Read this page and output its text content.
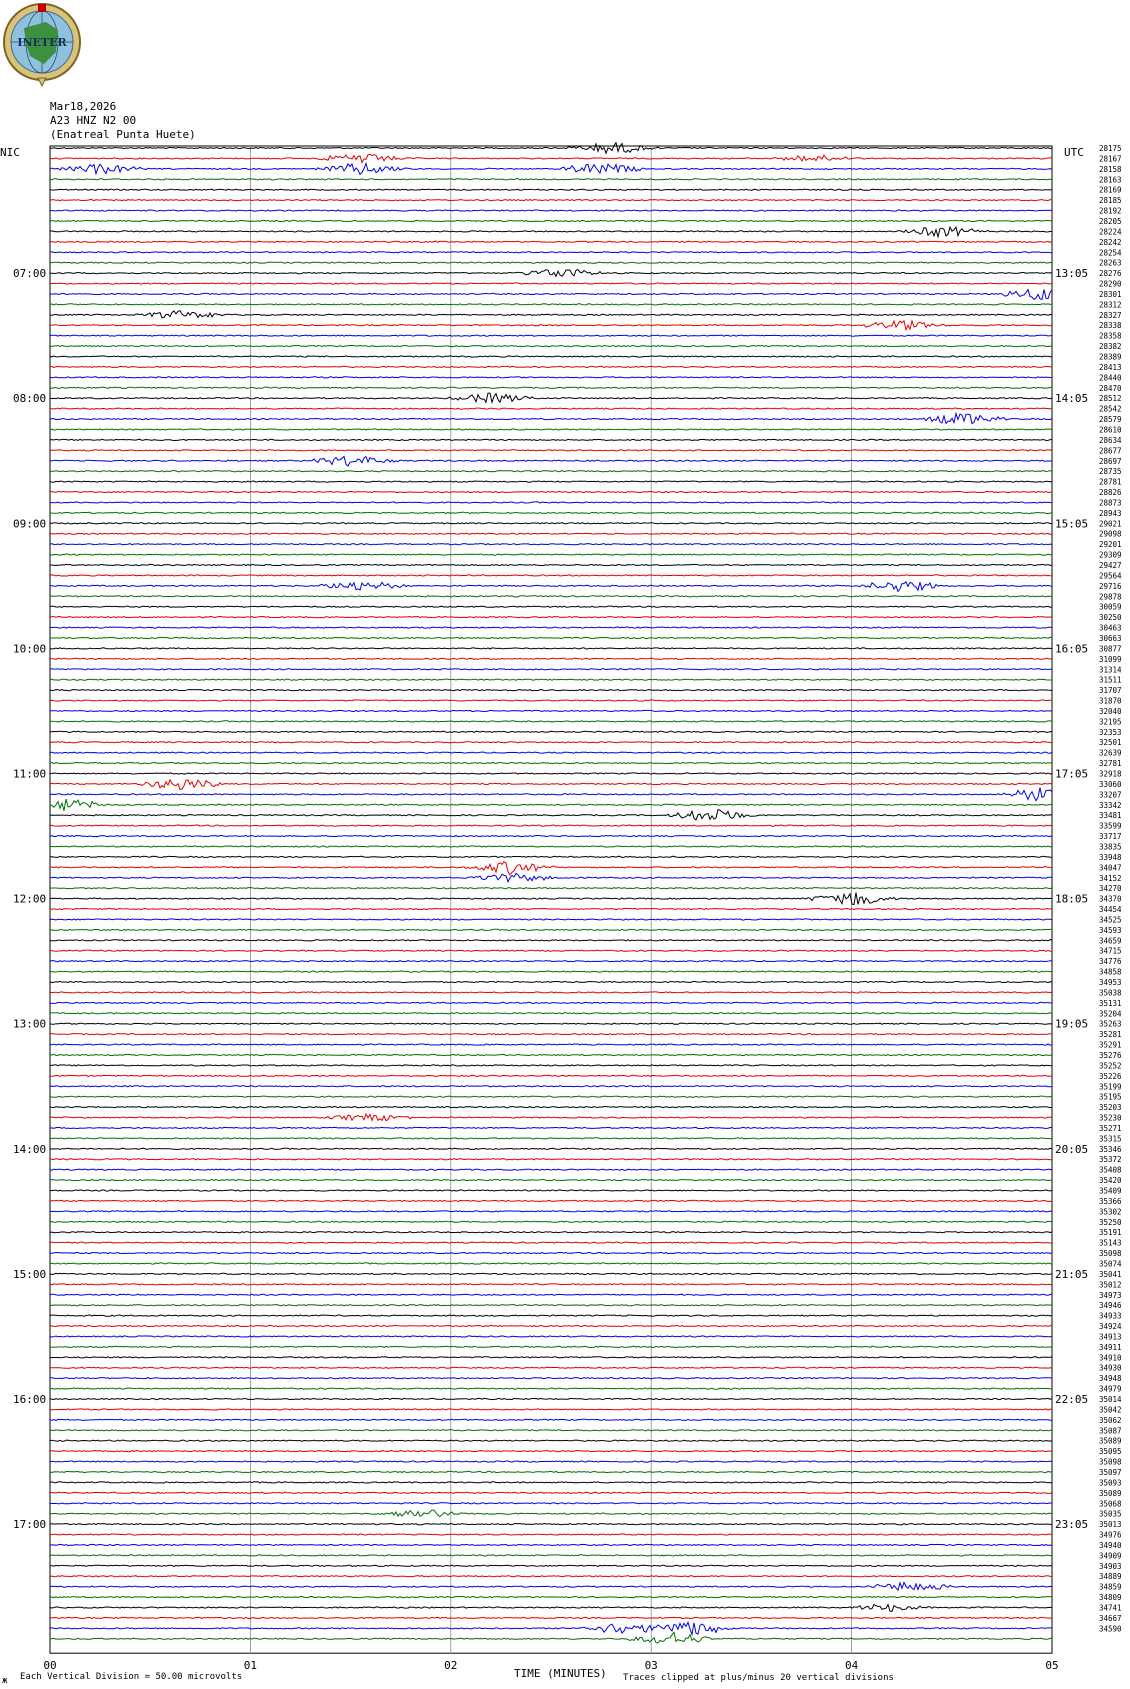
INETER
Mar18,2026
A23 HNZ N2 00
(Enatreal Punta Huete)
28175
28167
28158
28163
28169
28185
28192
28205
28224
28242
28254
28263
28276
28290
28301
28312
28327
28338
28358
28382
28389
28413
28440
28470
28512
28542
28579
28610
28634
28677
28697
28735
28781
28826
28873
28943
29021
29098
29201
29309
29427
29564
29716
29878
30059
30250
30463
30663
30877
31099
31314
31511
31707
31870
32040
32195
32353
32501
32639
32781
32918
33060
33207
33342
33481
33599
33717
33835
33948
34047
34152
34270
34370
34454
34525
34593
34659
34715
34776
34858
34953
35038
35131
35204
35263
35281
35291
35276
35252
35226
35199
35195
35203
35230
35271
35315
35346
35372
35408
35420
35409
35366
35302
35250
35191
35143
35098
35074
35041
35012
34973
34946
34933
34924
34913
34911
34910
34930
34948
34979
35014
35042
35062
35087
35089
35095
35098
35097
35093
35089
35068
35035
35013
34976
34940
34909
34903
34889
34859
34809
34741
34667
34590
NIC	UTC
07:00	13:05
08:00	14:05
09:00	15:05
10:00	16:05
11:00	17:05
12:00	18:05
13:00	19:05
14:00	20:05
15:00	21:05
16:00	22:05
17:00	23:05
00	01	02	03	04	05
ж Each Vertical Division = 50.00 microvolts	TIME (MINUTES) Traces clipped at plus/minus 20 vertical divisions
